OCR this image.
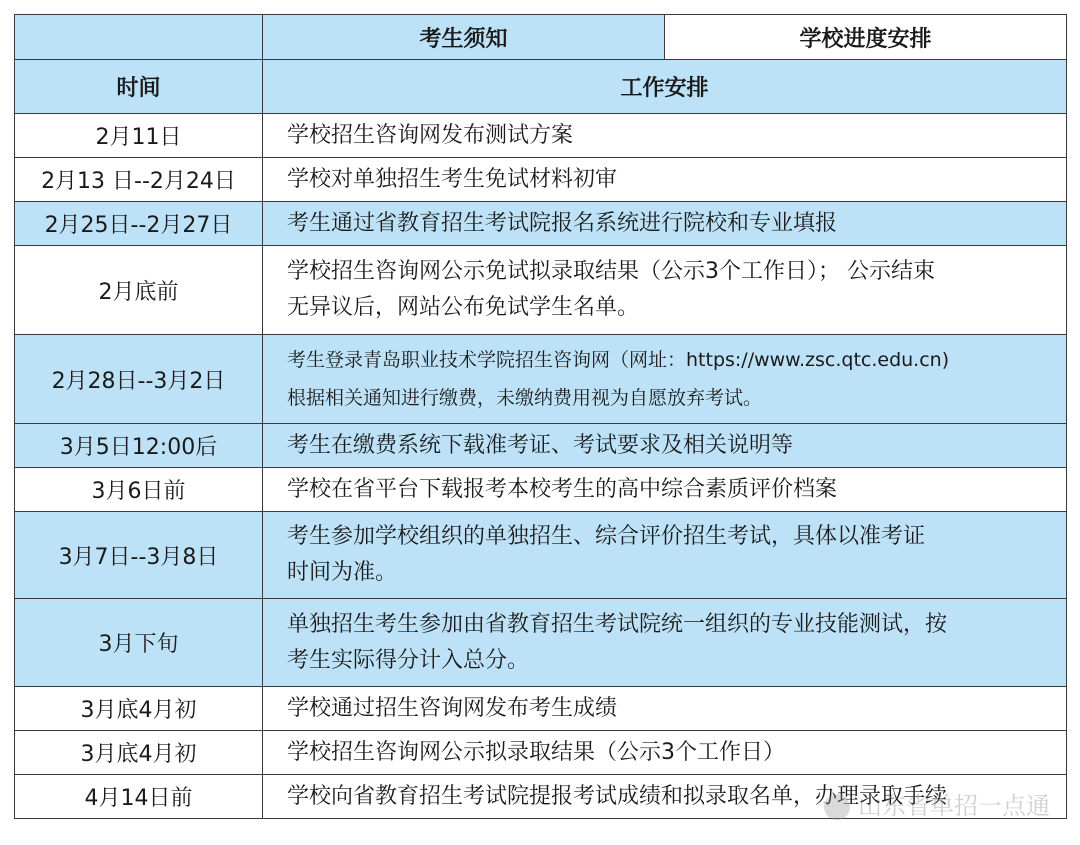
	考生须知	学校进度安排
时间	工作安排	
2月11日	学校招生咨询网发布测试方案	
2月13 日--2月24日	学校对单独招生考生免试材料初审	
2月25日--2月27日	考生通过省教育招生考试院报名系统进行院校和专业填报	
2月底前	学校招生咨询网公示免试拟录取结果（公示3个工作日）； 公示结束
无异议后，网站公布免试学生名单。	

2月28日--3月2日	考生登录青岛职业技术学院招生咨询网（网址：https://www.zsc.qtc.edu.cn)
根据相关通知进行缴费，未缴纳费用视为自愿放弃考试。	

3月5日12:00后	考生在缴费系统下载准考证、考试要求及相关说明等	
3月6日前	学校在省平台下载报考本校考生的高中综合素质评价档案	
3月7日--3月8日	考生参加学校组织的单独招生、综合评价招生考试，具体以准考证
时间为准。	

3月下旬	单独招生考生参加由省教育招生考试院统一组织的专业技能测试，按
考生实际得分计入总分。	

3月底4月初	学校通过招生咨询网发布考生成绩	
3月底4月初	学校招生咨询网公示拟录取结果（公示3个工作日）	
4月14日前	学校向省教育招生考试院提报考试成绩和拟录取名单，办理录取手续	
山东省单招一点通
